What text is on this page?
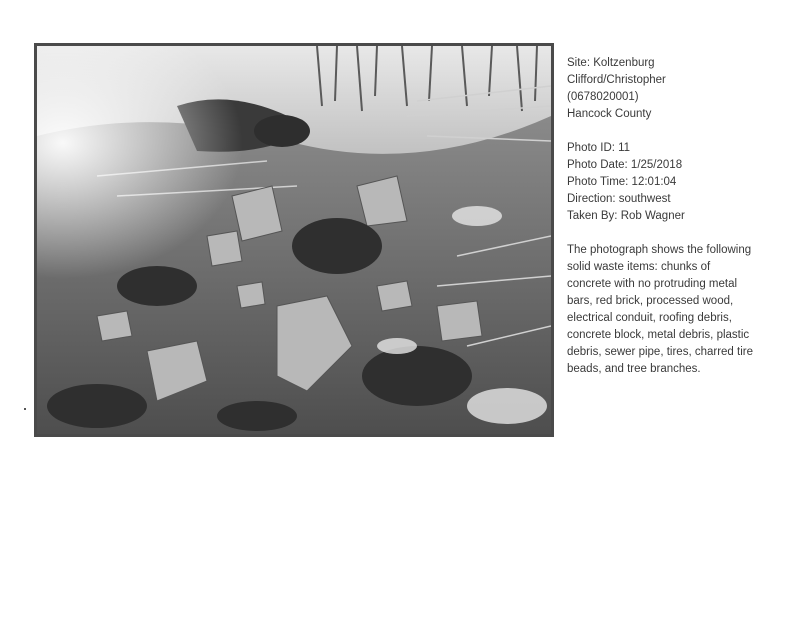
Site: Koltzenburg
Clifford/Christopher
(0678020001)
Hancock County
Photo ID: 11
Photo Date: 1/25/2018
Photo Time: 12:01:04
Direction: southwest
Taken By: Rob Wagner
The photograph shows the following solid waste items: chunks of concrete with no protruding metal bars, red brick, processed wood, electrical conduit, roofing debris, concrete block, metal debris, plastic debris, sewer pipe, tires, charred tire beads, and tree branches.
